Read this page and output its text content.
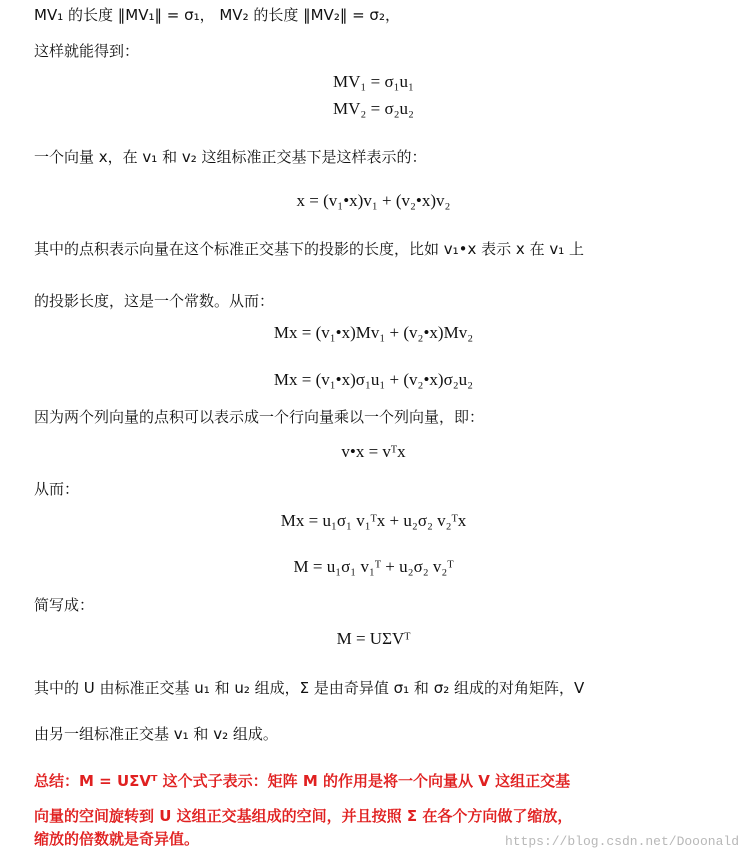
MV₁ 的长度 ‖MV₁‖ = σ₁， MV₂ 的长度 ‖MV₂‖ = σ₂，
这样就能得到：
MV₁ = σ₁u₁
MV₂ = σ₂u₂
一个向量 x，在 v₁ 和 v₂ 这组标准正交基下是这样表示的：
x = (v₁•x)v₁ + (v₂•x)v₂
其中的点积表示向量在这个标准正交基下的投影的长度，比如 v₁•x 表示 x 在 v₁ 上
的投影长度，这是一个常数。从而：
Mx = (v₁•x)Mv₁ + (v₂•x)Mv₂
Mx = (v₁•x)σ₁u₁ + (v₂•x)σ₂u₂
因为两个列向量的点积可以表示成一个行向量乘以一个列向量，即：
v•x = vᵀx
从而：
Mx = u₁σ₁ v₁ᵀx + u₂σ₂ v₂ᵀx
M = u₁σ₁ v₁ᵀ + u₂σ₂ v₂ᵀ
简写成：
M = UΣVᵀ
其中的 U 由标准正交基 u₁ 和 u₂ 组成，Σ 是由奇异值 σ₁ 和 σ₂ 组成的对角矩阵，V
由另一组标准正交基 v₁ 和 v₂ 组成。
总结：M = UΣVᵀ 这个式子表示：矩阵 M 的作用是将一个向量从 V 这组正交基
向量的空间旋转到 U 这组正交基组成的空间，并且按照 Σ 在各个方向做了缩放，
缩放的倍数就是奇异值。	https://blog.csdn.net/Dooonald
